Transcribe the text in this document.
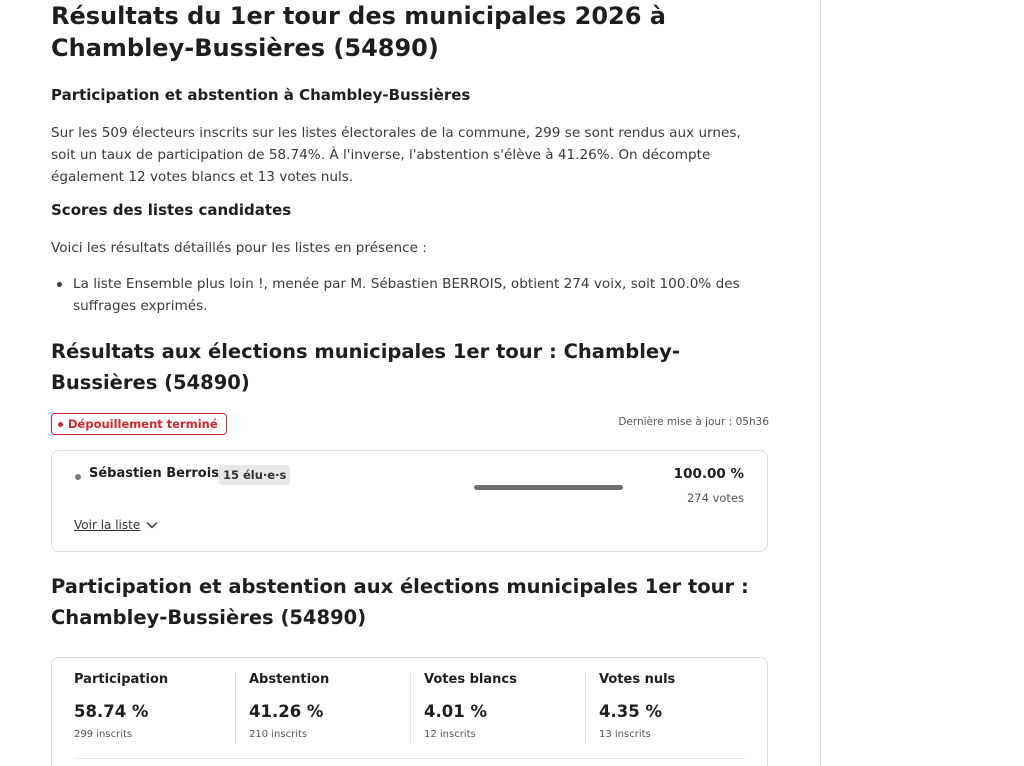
Résultats du 1er tour des municipales 2026 à Chambley-Bussières (54890)
Participation et abstention à Chambley-Bussières

Sur les 509 électeurs inscrits sur les listes électorales de la commune, 299 se sont rendus aux urnes, soit un taux de participation de 58.74%. À l'inverse, l'abstention s'élève à 41.26%. On décompte également 12 votes blancs et 13 votes nuls.

Scores des listes candidates

Voici les résultats détaillés pour les listes en présence :

La liste Ensemble plus loin !, menée par M. Sébastien BERROIS, obtient 274 voix, soit 100.0% des suffrages exprimés.
Résultats aux élections municipales 1er tour : Chambley-Bussières (54890)
Dépouillement terminé	Dernière mise à jour : 05h36
Sébastien Berrois 15 élu·e·s	100.00 %
274 votes
Voir la liste
Participation et abstention aux élections municipales 1er tour : Chambley-Bussières (54890)
Participation
58.74 %
299 inscrits
Abstention
41.26 %
210 inscrits
Votes blancs
4.01 %
12 inscrits
Votes nuls
4.35 %
13 inscrits
